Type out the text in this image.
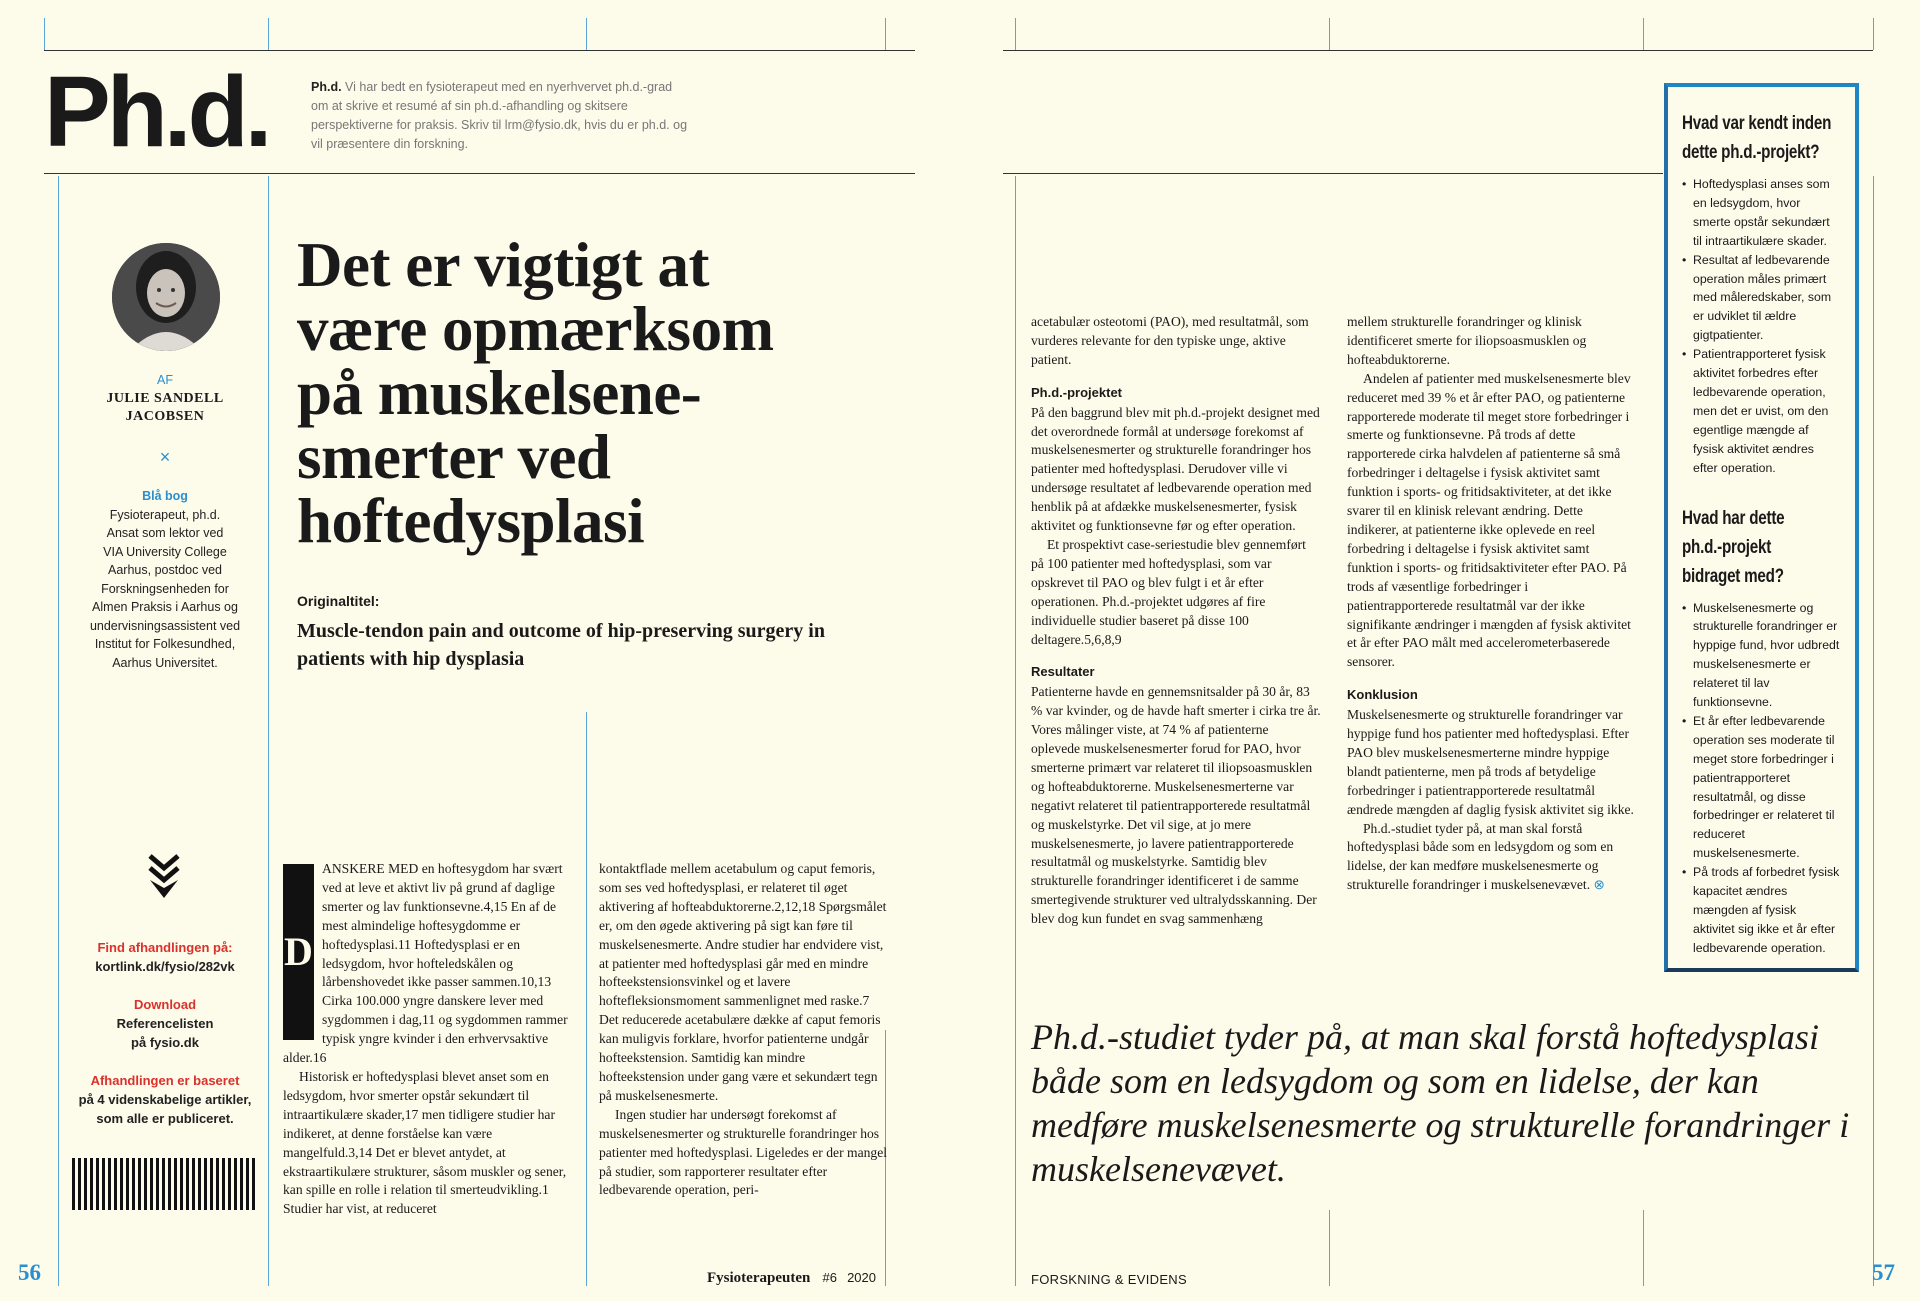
Ph.d.	Ph.d. Vi har bedt en fysioterapeut med en nyerhvervet ph.d.-grad om at skrive et resumé af sin ph.d.-afhandling og skitsere perspektiverne for praksis. Skriv til lrm@fysio.dk, hvis du er ph.d. og vil præsentere din forskning.
AF
JULIE SANDELL
JACOBSEN
×
Blå bog
Fysioterapeut, ph.d.
Ansat som lektor ved
VIA University College
Aarhus, postdoc ved
Forskningsenheden for
Almen Praksis i Aarhus og
undervisningsassistent ved
Institut for Folkesundhed,
Aarhus Universitet.
Find afhandlingen på:
kortlink.dk/fysio/282vk
Download
Referencelisten
på fysio.dk
Afhandlingen er baseret
på 4 videnskabelige artikler,
som alle er publiceret.
Det er vigtigt at
være opmærksom
på muskelsene-
smerter ved
hoftedysplasi
Originaltitel:
Muscle-tendon pain and outcome of hip-preserving surgery in patients with hip dysplasia

D
ANSKERE MED en hoftesygdom har svært ved at leve et aktivt liv på grund af daglige smerter og lav funktionsevne.4,15 En af de mest almindelige hoftesygdomme er hoftedysplasi.11 Hoftedysplasi er en ledsygdom, hvor hofteledskålen og lårbenshovedet ikke passer sammen.10,13 Cirka 100.000 yngre danskere lever med sygdommen i dag,11 og sygdommen rammer typisk yngre kvinder i den erhvervsaktive alder.16

Historisk er hoftedysplasi blevet anset som en ledsygdom, hvor smerter opstår sekundært til intraartikulære skader,17 men tidligere studier har indikeret, at denne forståelse kan være mangelfuld.3,14 Det er blevet antydet, at ekstraartikulære strukturer, såsom muskler og sener, kan spille en rolle i relation til smerteudvikling.1 Studier har vist, at reduceret

kontaktflade mellem acetabulum og caput femoris, som ses ved hoftedysplasi, er relateret til øget aktivering af hofteabduktorerne.2,12,18 Spørgsmålet er, om den øgede aktivering på sigt kan føre til muskelsenesmerte. Andre studier har endvidere vist, at patienter med hoftedysplasi går med en mindre hofteekstensionsvinkel og et lavere hoftefleksionsmoment sammenlignet med raske.7 Det reducerede acetabulære dække af caput femoris kan muligvis forklare, hvorfor patienterne undgår hofteekstension. Samtidig kan mindre hofteekstension under gang være et sekundært tegn på muskelsenesmerte.

Ingen studier har undersøgt forekomst af muskelsenesmerter og strukturelle forandringer hos patienter med hoftedysplasi. Ligeledes er der mangel på studier, som rapporterer resultater efter ledbevarende operation, peri-

acetabulær osteotomi (PAO), med resultatmål, som vurderes relevante for den typiske unge, aktive patient.

Ph.d.-projektet

På den baggrund blev mit ph.d.-projekt designet med det overordnede formål at undersøge forekomst af muskelsenesmerter og strukturelle forandringer hos patienter med hoftedysplasi. Derudover ville vi undersøge resultatet af ledbevarende operation med henblik på at afdække muskelsenesmerter, fysisk aktivitet og funktionsevne før og efter operation.

Et prospektivt case-seriestudie blev gennemført på 100 patienter med hoftedysplasi, som var opskrevet til PAO og blev fulgt i et år efter operationen. Ph.d.-projektet udgøres af fire individuelle studier baseret på disse 100 deltagere.5,6,8,9

Resultater

Patienterne havde en gennemsnitsalder på 30 år, 83 % var kvinder, og de havde haft smerter i cirka tre år. Vores målinger viste, at 74 % af patienterne oplevede muskelsenesmerter forud for PAO, hvor smerterne primært var relateret til iliopsoasmusklen og hofteabduktorerne. Muskelsenesmerterne var negativt relateret til patientrapporterede resultatmål og muskelstyrke. Det vil sige, at jo mere muskelsenesmerte, jo lavere patientrapporterede resultatmål og muskelstyrke. Samtidig blev strukturelle forandringer identificeret i de samme smertegivende strukturer ved ultralydsskanning. Der blev dog kun fundet en svag sammenhæng

mellem strukturelle forandringer og klinisk identificeret smerte for iliopsoasmusklen og hofteabduktorerne.

Andelen af patienter med muskelsenesmerte blev reduceret med 39 % et år efter PAO, og patienterne rapporterede moderate til meget store forbedringer i smerte og funktionsevne. På trods af dette rapporterede cirka halvdelen af patienterne så små forbedringer i deltagelse i fysisk aktivitet samt funktion i sports- og fritidsaktiviteter, at det ikke svarer til en klinisk relevant ændring. Dette indikerer, at patienterne ikke oplevede en reel forbedring i deltagelse i fysisk aktivitet samt funktion i sports- og fritidsaktiviteter efter PAO. På trods af væsentlige forbedringer i patientrapporterede resultatmål var der ikke signifikante ændringer i mængden af fysisk aktivitet et år efter PAO målt med accelerometerbaserede sensorer.

Konklusion

Muskelsenesmerte og strukturelle forandringer var hyppige fund hos patienter med hoftedysplasi. Efter PAO blev muskelsenesmerterne mindre hyppige blandt patienterne, men på trods af betydelige forbedringer i patientrapporterede resultatmål ændrede mængden af daglig fysisk aktivitet sig ikke.

Ph.d.-studiet tyder på, at man skal forstå hoftedysplasi både som en ledsygdom og som en lidelse, der kan medføre muskelsenesmerte og strukturelle forandringer i muskelsenevævet. ⊗

Hvad var kendt inden
dette ph.d.-projekt?
• Hoftedysplasi anses som en ledsygdom, hvor smerte opstår sekundært til intraartikulære skader.
• Resultat af ledbevarende operation måles primært med måleredskaber, som er udviklet til ældre gigtpatienter.
• Patientrapporteret fysisk aktivitet forbedres efter ledbevarende operation, men det er uvist, om den egentlige mængde af fysisk aktivitet ændres efter operation.
Hvad har dette
ph.d.-projekt
bidraget med?
• Muskelsenesmerte og strukturelle forandringer er hyppige fund, hvor udbredt muskelsenesmerte er relateret til lav funktionsevne.
• Et år efter ledbevarende operation ses moderate til meget store forbedringer i patientrapporteret resultatmål, og disse forbedringer er relateret til reduceret muskelsenesmerte.
• På trods af forbedret fysisk kapacitet ændres mængden af fysisk aktivitet sig ikke et år efter ledbevarende operation.
Ph.d.-studiet tyder på, at man skal forstå hoftedysplasi både som en ledsygdom og som en lidelse, der kan medføre muskelsenesmerte og strukturelle forandringer i muskelsenevævet.
56	57
Fysioterapeuten #6 2020	FORSKNING & EVIDENS
